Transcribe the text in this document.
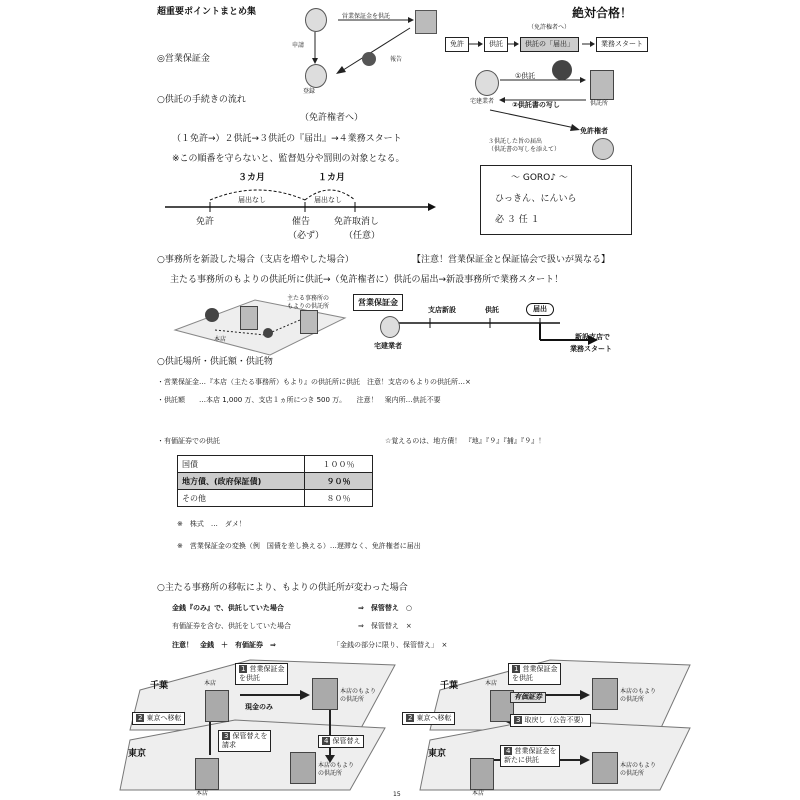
超重要ポイントまとめ集	絶対合格！
営業保証金を供託
申請
報告
登録
（免許権者へ）
免許	供託	供託の「届出」	業務スタート
◎営業保証金
○供託の手続きの流れ
（免許権者へ）
（１免許→）２供託→３供託の『届出』→４業務スタート
※この順番を守らないと、監督処分や罰則の対象となる。
宅建業者	供託所
①供託
②供託書の写し
３供託した旨の届出
（供託書の写しを添えて）
免許権者
〜 GORO♪ 〜
ひっきん、にんいら
必 ３ 任 １
３カ月	１カ月
届出なし	届出なし
免許	催告
（必ず）
免許取消し
（任意）
○事務所を新設した場合（支店を増やした場合）	【注意！営業保証金と保証協会で扱いが異なる】
主たる事務所のもよりの供託所に供託→（免許権者に）供託の届出→新設事務所で業務スタート！
本店
主たる事務所のもよりの供託所	営業保証金
宅建業者
支店新設	供託	届出
新設支店で
業務スタート
○供託場所・供託額・供託物
・営業保証金…『本店（主たる事務所）もより』の供託所に供託　注意！支店のもよりの供託所…×
・供託額　　…本店 1,000 万、支店１ヵ所につき 500 万。　　注意！　案内所…供託不要
・有価証券での供託	☆覚えるのは、地方債！　『地』『９』『捕』『９』！
国債	１００％
地方債、(政府保証債)	９０％
その他	８０％
※　株式　…　ダメ！
※　営業保証金の変換（例　国債を差し換える）…遅滞なく、免許権者に届出
○主たる事務所の移転により、もよりの供託所が変わった場合
金銭『のみ』で、供託していた場合	⇒　保管替え　○
有価証券を含む、供託をしていた場合	⇒　保管替え　×
注意！　金銭　＋　有価証券　⇒	「金銭の部分に限り、保管替え」　×
千葉
東京
本店
本店
本店のもより
の供託所
本店のもより
の供託所
1 営業保証金
を供託
2 東京へ移転
3 保管替えを
請求	4 保管替え
現金のみ
千葉
東京
本店
本店
本店のもより
の供託所
本店のもより
の供託所
1 営業保証金
を供託
2 東京へ移転	3 取戻し（公告不要）
4 営業保証金を
新たに供託
有価証券
15
